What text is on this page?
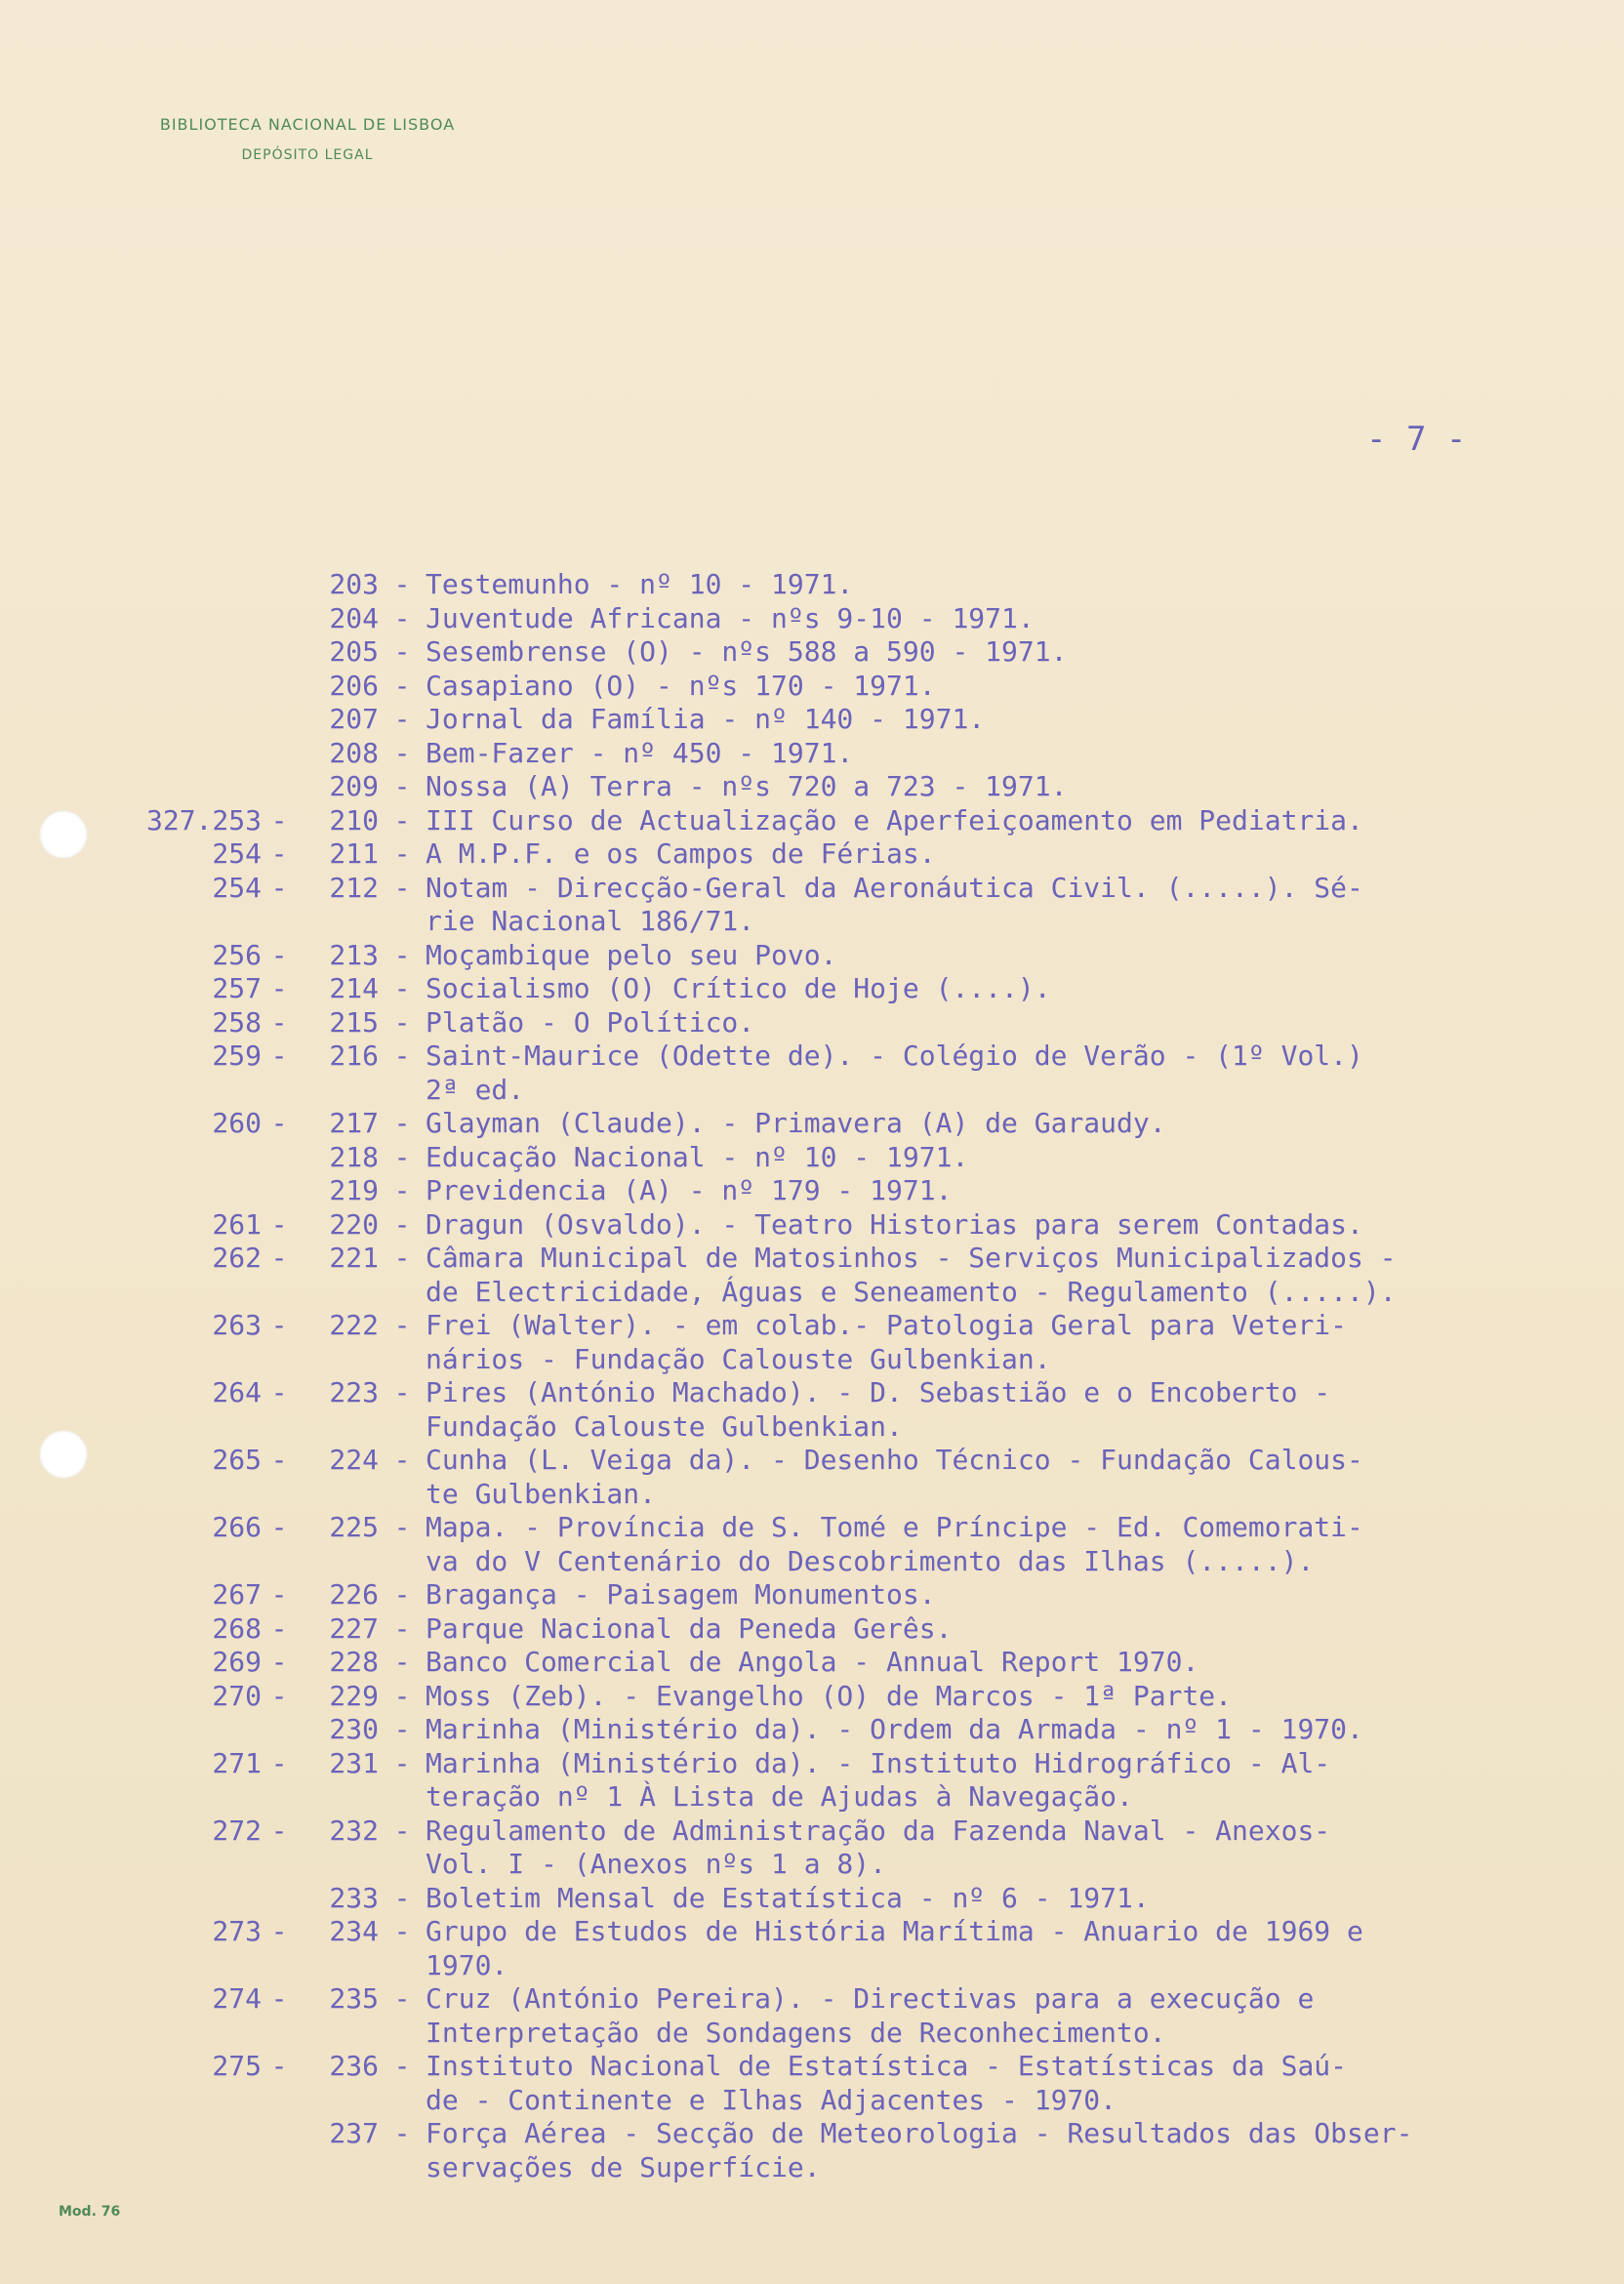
BIBLIOTECA NACIONAL DE LISBOA
DEPÓSITO LEGAL
- 7 -
203 - Testemunho - nº 10 - 1971.
204 - Juventude Africana - nºs 9-10 - 1971.
205 - Sesembrense (O) - nºs 588 a 590 - 1971.
206 - Casapiano (O) - nºs 170 - 1971.
207 - Jornal da Família - nº 140 - 1971.
208 - Bem-Fazer - nº 450 - 1971.
209 - Nossa (A) Terra - nºs 720 a 723 - 1971.
327.253 -	210 - III Curso de Actualização e Aperfeiçoamento em Pediatria.
254 -	211 - A M.P.F. e os Campos de Férias.
254 -	212 - Notam - Direcção-Geral da Aeronáutica Civil. (.....). Sé-
rie Nacional 186/71.
256 -	213 - Moçambique pelo seu Povo.
257 -	214 - Socialismo (O) Crítico de Hoje (....).
258 -	215 - Platão - O Político.
259 -	216 - Saint-Maurice (Odette de). - Colégio de Verão - (1º Vol.)
2ª ed.
260 -	217 - Glayman (Claude). - Primavera (A) de Garaudy.
218 - Educação Nacional - nº 10 - 1971.
219 - Previdencia (A) - nº 179 - 1971.
261 -	220 - Dragun (Osvaldo). - Teatro Historias para serem Contadas.
262 -	221 - Câmara Municipal de Matosinhos - Serviços Municipalizados -
de Electricidade, Águas e Seneamento - Regulamento (.....).
263 -	222 - Frei (Walter). - em colab.- Patologia Geral para Veteri-
nários - Fundação Calouste Gulbenkian.
264 -	223 - Pires (António Machado). - D. Sebastião e o Encoberto -
Fundação Calouste Gulbenkian.
265 -	224 - Cunha (L. Veiga da). - Desenho Técnico - Fundação Calous-
te Gulbenkian.
266 -	225 - Mapa. - Província de S. Tomé e Príncipe - Ed. Comemorati-
va do V Centenário do Descobrimento das Ilhas (.....).
267 -	226 - Bragança - Paisagem Monumentos.
268 -	227 - Parque Nacional da Peneda Gerês.
269 -	228 - Banco Comercial de Angola - Annual Report 1970.
270 -	229 - Moss (Zeb). - Evangelho (O) de Marcos - 1ª Parte.
230 - Marinha (Ministério da). - Ordem da Armada - nº 1 - 1970.
271 -	231 - Marinha (Ministério da). - Instituto Hidrográfico - Al-
teração nº 1 À Lista de Ajudas à Navegação.
272 -	232 - Regulamento de Administração da Fazenda Naval - Anexos-
Vol. I - (Anexos nºs 1 a 8).
233 - Boletim Mensal de Estatística - nº 6 - 1971.
273 -	234 - Grupo de Estudos de História Marítima - Anuario de 1969 e
1970.
274 -	235 - Cruz (António Pereira). - Directivas para a execução e
Interpretação de Sondagens de Reconhecimento.
275 -	236 - Instituto Nacional de Estatística - Estatísticas da Saú-
de - Continente e Ilhas Adjacentes - 1970.
237 - Força Aérea - Secção de Meteorologia - Resultados das Obser-
servações de Superfície.
Mod. 76
